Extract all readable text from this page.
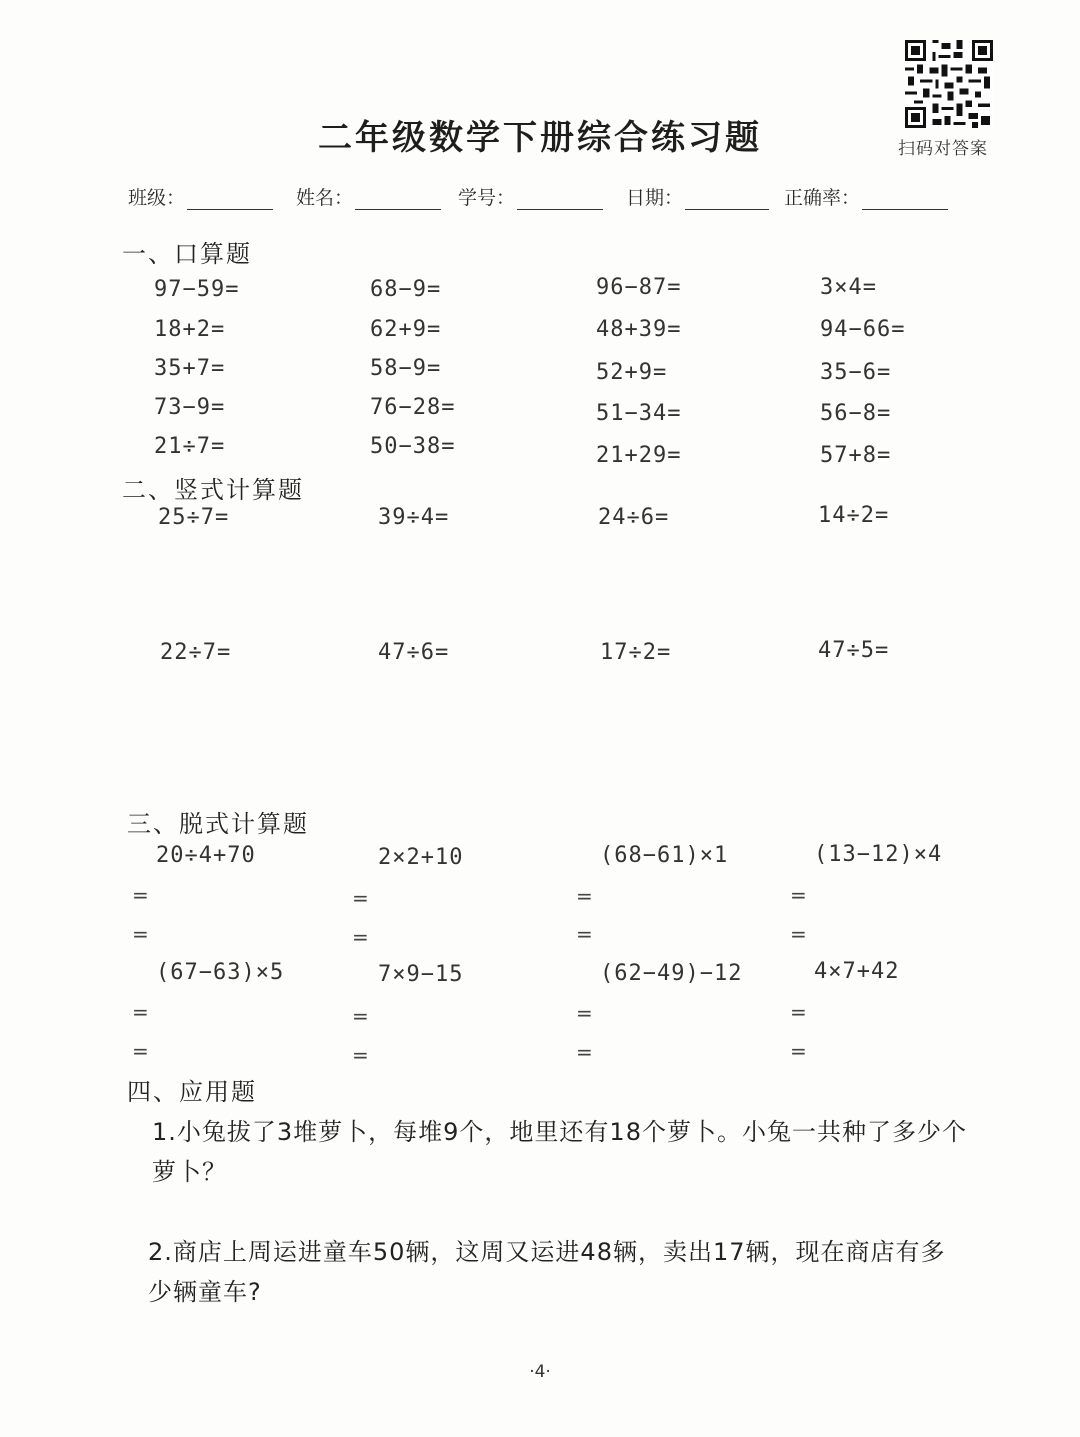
二年级数学下册综合练习题	扫码对答案
班级：	姓名：	学号：	日期：	正确率：
一、口算题
97−59=	68−9=	96−87=	3×4=
18+2=	62+9=	48+39=	94−66=
35+7=	58−9=	52+9=	35−6=
73−9=	76−28=	51−34=	56−8=
21÷7=	50−38=	21+29=	57+8=
二、竖式计算题
25÷7=	39÷4=	24÷6=	14÷2=
22÷7=	47÷6=	17÷2=	47÷5=
三、脱式计算题
20÷4+70	2×2+10	(68−61)×1	(13−12)×4
=	=	=	=
=	=	=	=
(67−63)×5	7×9−15	(62−49)−12	4×7+42
=	=	=	=
=	=	=	=
四、应用题
1.小兔拔了3堆萝卜，每堆9个，地里还有18个萝卜。小兔一共种了多少个萝卜？
2.商店上周运进童车50辆，这周又运进48辆，卖出17辆，现在商店有多少辆童车?
·4·
